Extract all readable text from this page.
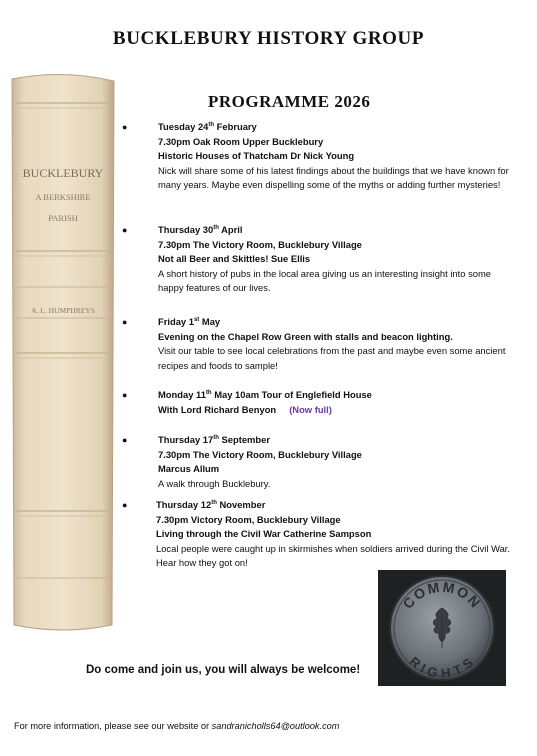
BUCKLEBURY HISTORY GROUP
PROGRAMME 2026
BUCKLEBURY
A BERKSHIRE
PARISH
A. L. HUMPHREYS
●	Tuesday 24th February
7.30pm Oak Room Upper Bucklebury
Historic Houses of Thatcham Dr Nick Young
Nick will share some of his latest findings about the buildings that we have known for many years. Maybe even dispelling some of the myths or adding further mysteries!
●	Thursday 30th April
7.30pm The Victory Room, Bucklebury Village
Not all Beer and Skittles! Sue Ellis
A short history of pubs in the local area giving us an interesting insight into some happy features of our lives.
●	Friday 1st May
Evening on the Chapel Row Green with stalls and beacon lighting.
Visit our table to see local celebrations from the past and maybe even some ancient recipes and foods to sample!
●	Monday 11th May 10am Tour of Englefield House
With Lord Richard Benyon (Now full)
●	Thursday 17th September
7.30pm The Victory Room, Bucklebury Village
Marcus Allum
A walk through Bucklebury.
●	Thursday 12th November
7.30pm Victory Room, Bucklebury Village
Living through the Civil War Catherine Sampson
Local people were caught up in skirmishes when soldiers arrived during the Civil War. Hear how they got on!
COMMON
RIGHTS
Do come and join us, you will always be welcome!
For more information, please see our website or sandranicholls64@outlook.com
